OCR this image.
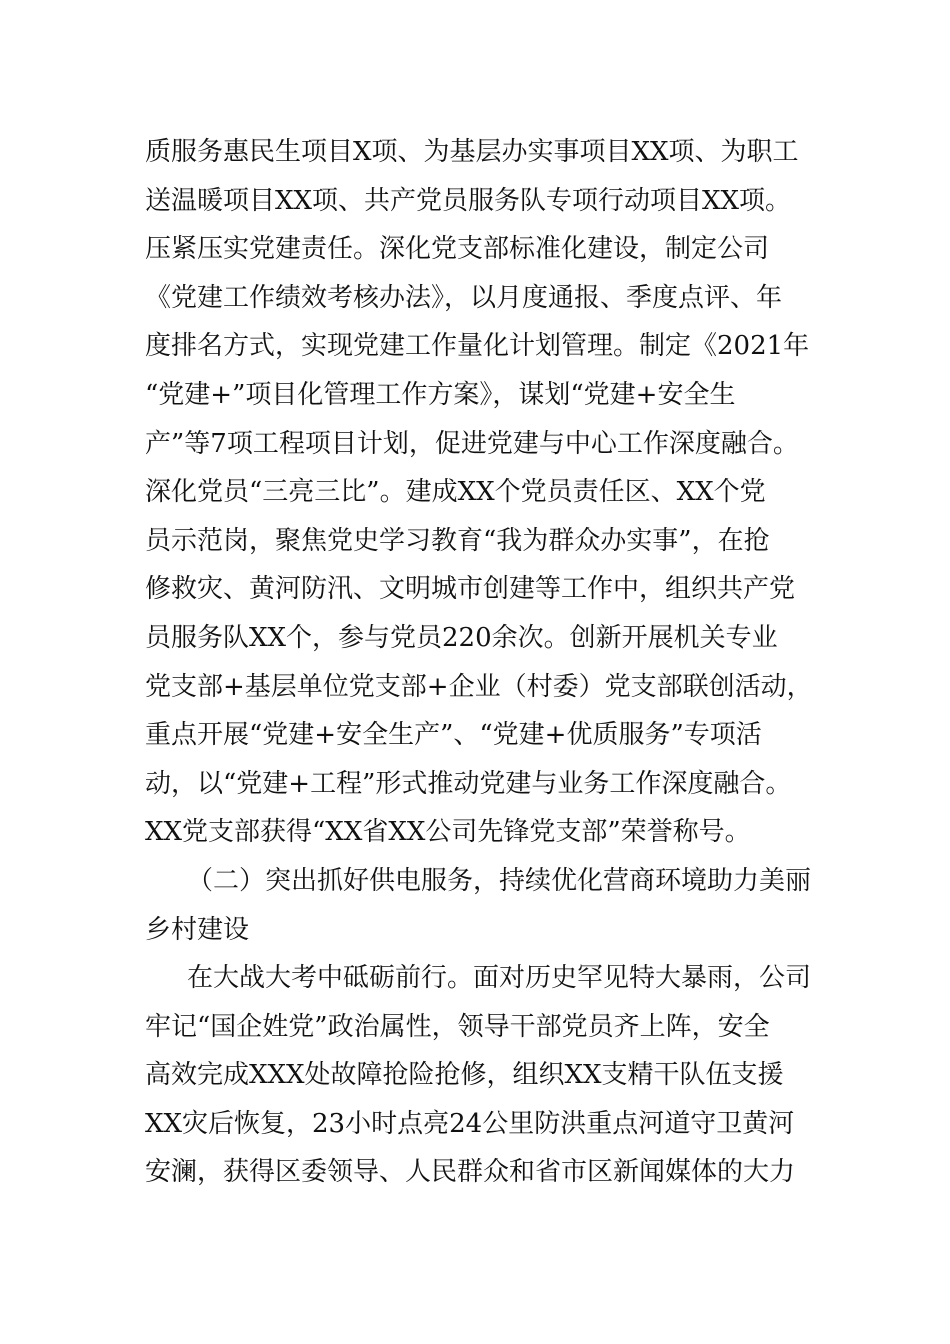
质服务惠民生项目X项、为基层办实事项目XX项、为职工
送温暖项目XX项、共产党员服务队专项行动项目XX项。
压紧压实党建责任。深化党支部标准化建设，制定公司
《党建工作绩效考核办法》，以月度通报、季度点评、年
度排名方式，实现党建工作量化计划管理。制定《2021年
“党建+”项目化管理工作方案》，谋划“党建+安全生
产”等7项工程项目计划，促进党建与中心工作深度融合。
深化党员“三亮三比”。建成XX个党员责任区、XX个党
员示范岗，聚焦党史学习教育“我为群众办实事”，在抢
修救灾、黄河防汛、文明城市创建等工作中，组织共产党
员服务队XX个，参与党员220余次。创新开展机关专业
党支部+基层单位党支部+企业（村委）党支部联创活动，
重点开展“党建+安全生产”、“党建+优质服务”专项活
动，以“党建+工程”形式推动党建与业务工作深度融合。
XX党支部获得“XX省XX公司先锋党支部”荣誉称号。
（二）突出抓好供电服务，持续优化营商环境助力美丽
乡村建设
在大战大考中砥砺前行。面对历史罕见特大暴雨，公司
牢记“国企姓党”政治属性，领导干部党员齐上阵，安全
高效完成XXX处故障抢险抢修，组织XX支精干队伍支援
XX灾后恢复，23小时点亮24公里防洪重点河道守卫黄河
安澜，获得区委领导、人民群众和省市区新闻媒体的大力
